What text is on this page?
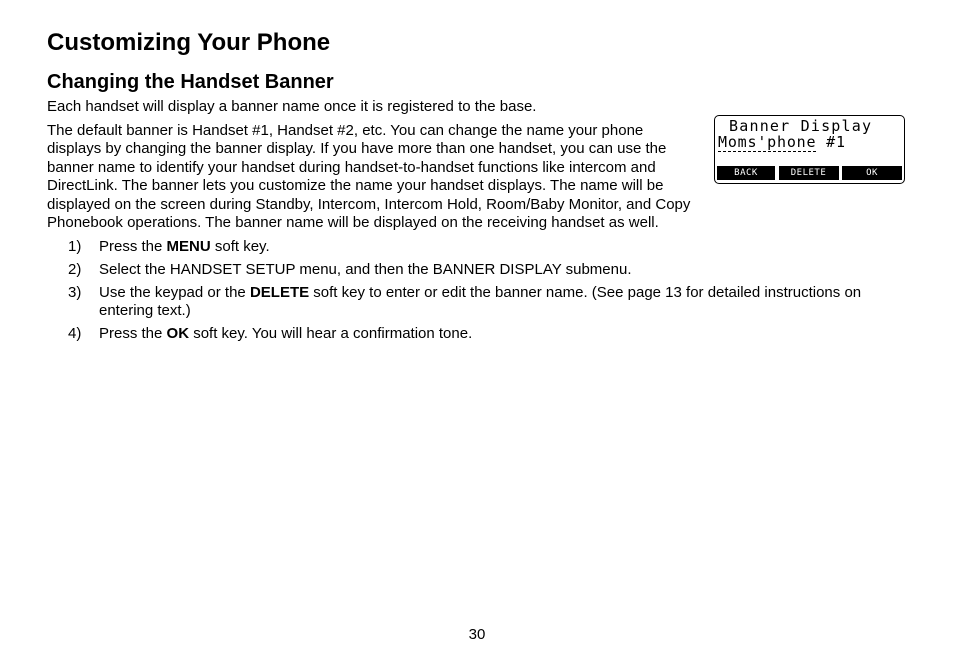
Customizing Your Phone
Changing the Handset Banner

Each handset will display a banner name once it is registered to the base.

The default banner is Handset #1, Handset #2, etc. You can change the name your phone displays by changing the banner display. If you have more than one handset, you can use the banner name to identify your handset during handset-to-handset functions like intercom and DirectLink. The banner lets you customize the name your handset displays. The name will be displayed on the screen during Standby, Intercom, Intercom Hold, Room/Baby Monitor, and Copy Phonebook operations. The banner name will be displayed on the receiving handset as well.

Banner Display
Moms'phone #1
BACK	DELETE	OK
1) Press the MENU soft key.
2) Select the HANDSET SETUP menu, and then the BANNER DISPLAY submenu.
3) Use the keypad or the DELETE soft key to enter or edit the banner name. (See page 13 for detailed instructions on entering text.)
4) Press the OK soft key. You will hear a confirmation tone.
30
